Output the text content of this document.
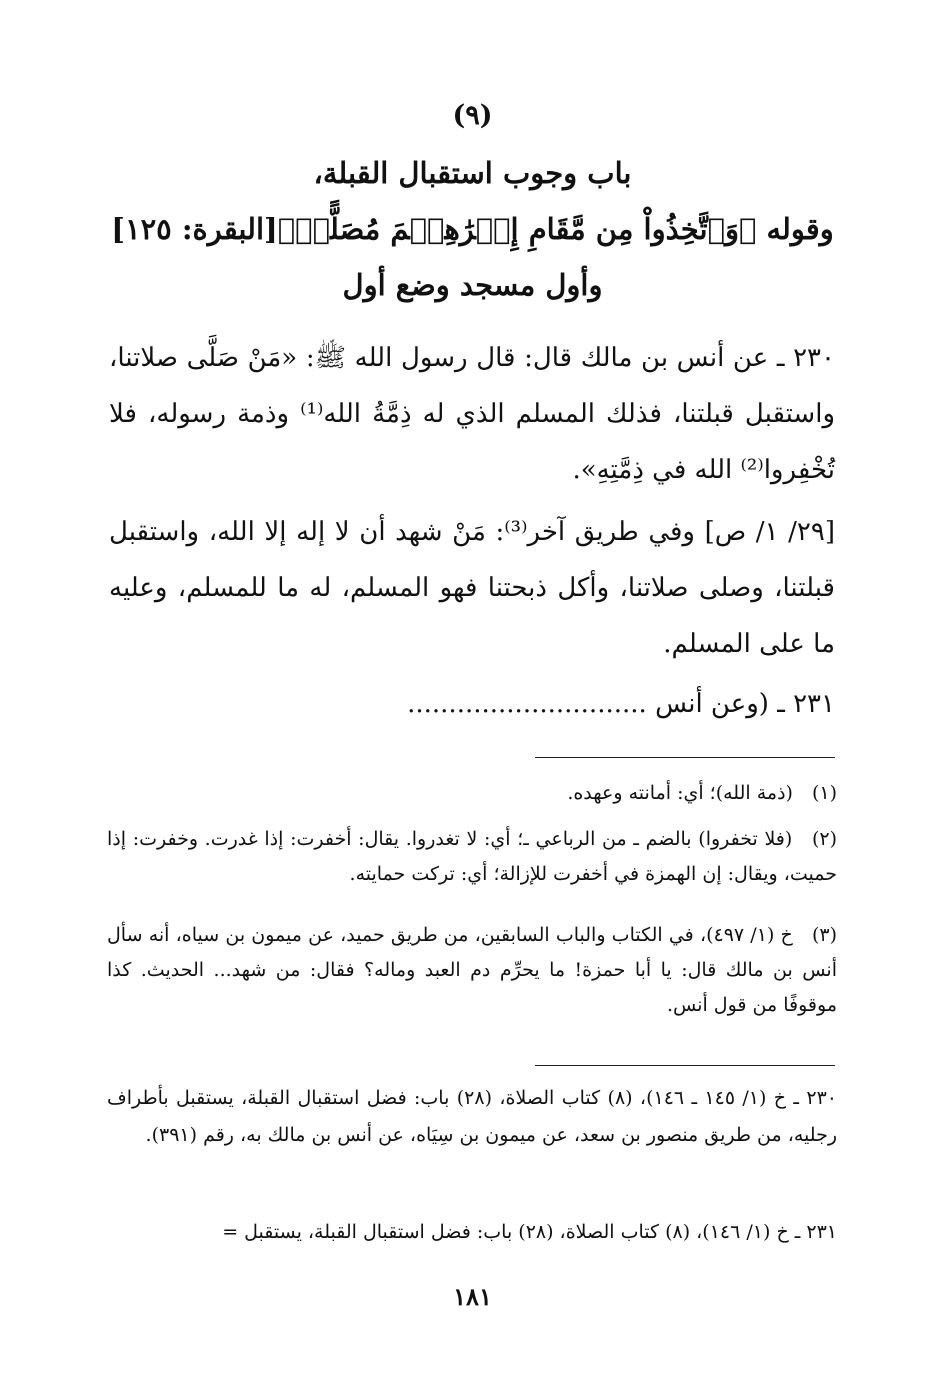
(٩)
باب وجوب استقبال القبلة،
وقوله ﴿وَٱتَّخِذُواْ مِن مَّقَامِ إِبۡرَٰهِـۧمَ مُصَلًّىۖ﴾[البقرة: ١٢٥]
وأول مسجد وضع أول
٢٣٠ ـ عن أنس بن مالك قال: قال رسول الله ﷺ: «مَنْ صَلَّى صلاتنا، واستقبل قبلتنا، فذلك المسلم الذي له ذِمَّةُ الله⁽¹⁾ وذمة رسوله، فلا تُخْفِروا⁽²⁾ الله في ذِمَّتِهِ».
[٢٩/ ١/ ص] وفي طريق آخر⁽³⁾: مَنْ شهد أن لا إله إلا الله، واستقبل قبلتنا، وصلى صلاتنا، وأكل ذبحتنا فهو المسلم، له ما للمسلم، وعليه ما على المسلم.
٢٣١ ـ (وعن أنس .............................
(١) (ذمة الله)؛ أي: أمانته وعهده.
(٢) (فلا تخفروا) بالضم ـ من الرباعي ـ؛ أي: لا تغدروا. يقال: أخفرت: إذا غدرت. وخفرت: إذا حميت، ويقال: إن الهمزة في أخفرت للإزالة؛ أي: تركت حمايته.
(٣) خ (١/ ٤٩٧)، في الكتاب والباب السابقين، من طريق حميد، عن ميمون بن سياه، أنه سأل أنس بن مالك قال: يا أبا حمزة! ما يحرِّم دم العبد وماله؟ فقال: من شهد... الحديث. كذا موقوفًا من قول أنس.
٢٣٠ ـ خ (١/ ١٤٥ ـ ١٤٦)، (٨) كتاب الصلاة، (٢٨) باب: فضل استقبال القبلة، يستقبل بأطراف رجليه، من طريق منصور بن سعد، عن ميمون بن سِيَاه، عن أنس بن مالك به، رقم (٣٩١).
٢٣١ ـ خ (١/ ١٤٦)، (٨) كتاب الصلاة، (٢٨) باب: فضل استقبال القبلة، يستقبل =
١٨١
